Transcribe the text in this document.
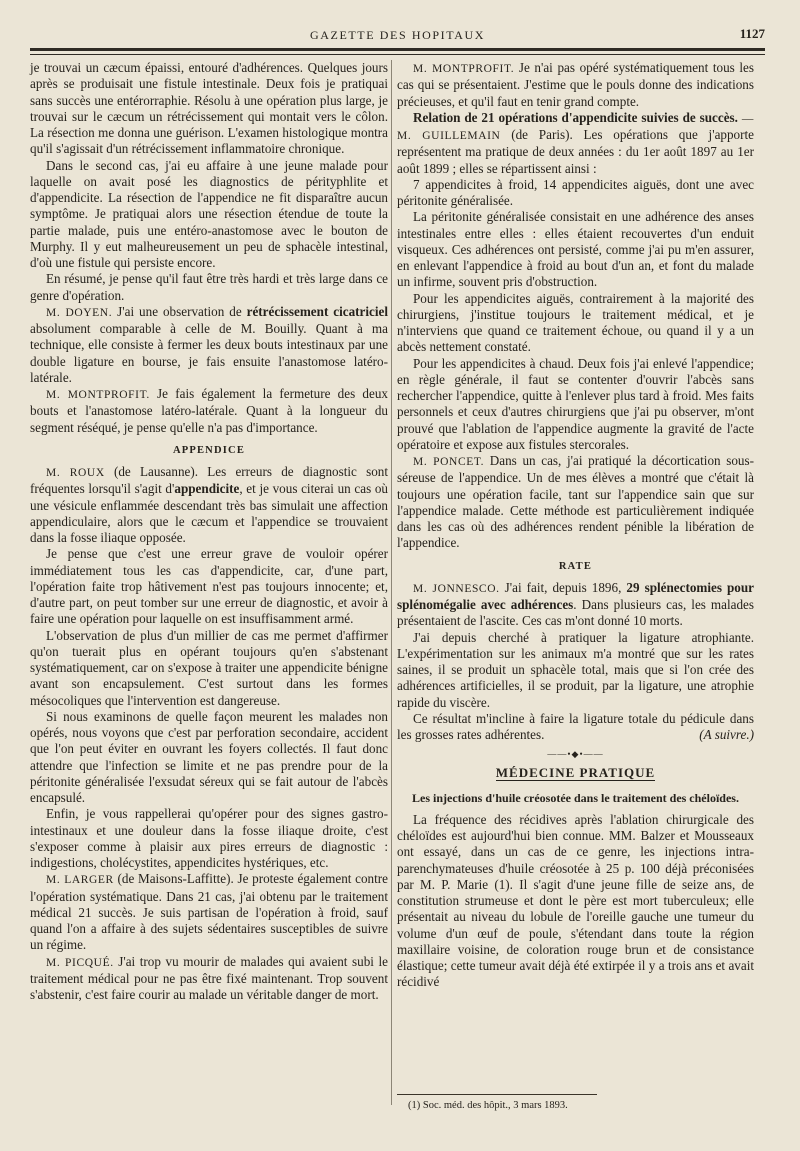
GAZETTE DES HOPITAUX	1127

je trouvai un cæcum épaissi, entouré d'adhérences. Quelques jours après se produisait une fistule intestinale. Deux fois je pratiquai sans succès une entérorraphie. Résolu à une opération plus large, je trouvai sur le cæcum un rétrécissement qui montait vers le côlon. La résection me donna une guérison. L'examen histologique montra qu'il s'agissait d'un rétrécissement inflammatoire chronique.

Dans le second cas, j'ai eu affaire à une jeune malade pour laquelle on avait posé les diagnostics de pérityphlite et d'appendicite. La résection de l'appendice ne fit disparaître aucun symptôme. Je pratiquai alors une résection étendue de toute la partie malade, puis une entéro-anastomose avec le bouton de Murphy. Il y eut malheureusement un peu de sphacèle intestinal, d'où une fistule qui persiste encore.

En résumé, je pense qu'il faut être très hardi et très large dans ce genre d'opération.

M. DOYEN. J'ai une observation de rétrécissement cicatriciel absolument comparable à celle de M. Bouilly. Quant à ma technique, elle consiste à fermer les deux bouts intestinaux par une double ligature en bourse, je fais ensuite l'anastomose latéro-latérale.

M. MONTPROFIT. Je fais également la fermeture des deux bouts et l'anastomose latéro-latérale. Quant à la longueur du segment réséqué, je pense qu'elle n'a pas d'importance.

APPENDICE

M. ROUX (de Lausanne). Les erreurs de diagnostic sont fréquentes lorsqu'il s'agit d'appendicite, et je vous citerai un cas où une vésicule enflammée descendant très bas simulait une affection appendiculaire, alors que le cæcum et l'appendice se trouvaient dans la fosse iliaque opposée.

Je pense que c'est une erreur grave de vouloir opérer immédiatement tous les cas d'appendicite, car, d'une part, l'opération faite trop hâtivement n'est pas toujours innocente; et, d'autre part, on peut tomber sur une erreur de diagnostic, et avoir à faire une opération pour laquelle on est insuffisamment armé.

L'observation de plus d'un millier de cas me permet d'affirmer qu'on tuerait plus en opérant toujours qu'en s'abstenant systématiquement, car on s'expose à traiter une appendicite bénigne avant son encapsulement. C'est surtout dans les formes mésocoliques que l'intervention est dangereuse.

Si nous examinons de quelle façon meurent les malades non opérés, nous voyons que c'est par perforation secondaire, accident que l'on peut éviter en ouvrant les foyers collectés. Il faut donc attendre que l'infection se limite et ne pas prendre pour de la péritonite généralisée l'exsudat séreux qui se fait autour de l'abcès encapsulé.

Enfin, je vous rappellerai qu'opérer pour des signes gastro-intestinaux et une douleur dans la fosse iliaque droite, c'est s'exposer comme à plaisir aux pires erreurs de diagnostic : indigestions, cholécystites, appendicites hystériques, etc.

M. LARGER (de Maisons-Laffitte). Je proteste également contre l'opération systématique. Dans 21 cas, j'ai obtenu par le traitement médical 21 succès. Je suis partisan de l'opération à froid, sauf quand l'on a affaire à des sujets sédentaires susceptibles de suivre un régime.

M. PICQUÉ. J'ai trop vu mourir de malades qui avaient subi le traitement médical pour ne pas être fixé maintenant. Trop souvent s'abstenir, c'est faire courir au malade un véritable danger de mort.

M. MONTPROFIT. Je n'ai pas opéré systématiquement tous les cas qui se présentaient. J'estime que le pouls donne des indications précieuses, et qu'il faut en tenir grand compte.

Relation de 21 opérations d'appendicite suivies de succès. — M. GUILLEMAIN (de Paris). Les opérations que j'apporte représentent ma pratique de deux années : du 1er août 1897 au 1er août 1899 ; elles se répartissent ainsi :

7 appendicites à froid, 14 appendicites aiguës, dont une avec péritonite généralisée.

La péritonite généralisée consistait en une adhérence des anses intestinales entre elles : elles étaient recouvertes d'un enduit visqueux. Ces adhérences ont persisté, comme j'ai pu m'en assurer, en enlevant l'appendice à froid au bout d'un an, et font du malade un infirme, souvent pris d'obstruction.

Pour les appendicites aiguës, contrairement à la majorité des chirurgiens, j'institue toujours le traitement médical, et je n'interviens que quand ce traitement échoue, ou quand il y a un abcès nettement constaté.

Pour les appendicites à chaud. Deux fois j'ai enlevé l'appendice; en règle générale, il faut se contenter d'ouvrir l'abcès sans rechercher l'appendice, quitte à l'enlever plus tard à froid. Mes faits personnels et ceux d'autres chirurgiens que j'ai pu observer, m'ont prouvé que l'ablation de l'appendice augmente la gravité de l'acte opératoire et expose aux fistules stercorales.

M. PONCET. Dans un cas, j'ai pratiqué la décortication sous-séreuse de l'appendice. Un de mes élèves a montré que c'était là toujours une opération facile, tant sur l'appendice sain que sur l'appendice malade. Cette méthode est particulièrement indiquée dans les cas où des adhérences rendent pénible la libération de l'appendice.

RATE

M. JONNESCO. J'ai fait, depuis 1896, 29 splénectomies pour splénomégalie avec adhérences. Dans plusieurs cas, les malades présentaient de l'ascite. Ces cas m'ont donné 10 morts.

J'ai depuis cherché à pratiquer la ligature atrophiante. L'expérimentation sur les animaux m'a montré que sur les rates saines, il se produit un sphacèle total, mais que si l'on crée des adhérences artificielles, il se produit, par la ligature, une atrophie rapide du viscère.

Ce résultat m'incline à faire la ligature totale du pédicule dans les grosses rates adhérentes.	(A suivre.)

——•◆•——
MÉDECINE PRATIQUE
Les injections d'huile créosotée dans le traitement des chéloïdes.

La fréquence des récidives après l'ablation chirurgicale des chéloïdes est aujourd'hui bien connue. MM. Balzer et Mousseaux ont essayé, dans un cas de ce genre, les injections intra-parenchymateuses d'huile créosotée à 25 p. 100 déjà préconisées par M. P. Marie (1). Il s'agit d'une jeune fille de seize ans, de constitution strumeuse et dont le père est mort tuberculeux; elle présentait au niveau du lobule de l'oreille gauche une tumeur du volume d'un œuf de poule, s'étendant dans toute la région maxillaire voisine, de coloration rouge brun et de consistance élastique; cette tumeur avait déjà été extirpée il y a trois ans et avait récidivé

(1) Soc. méd. des hôpit., 3 mars 1893.
